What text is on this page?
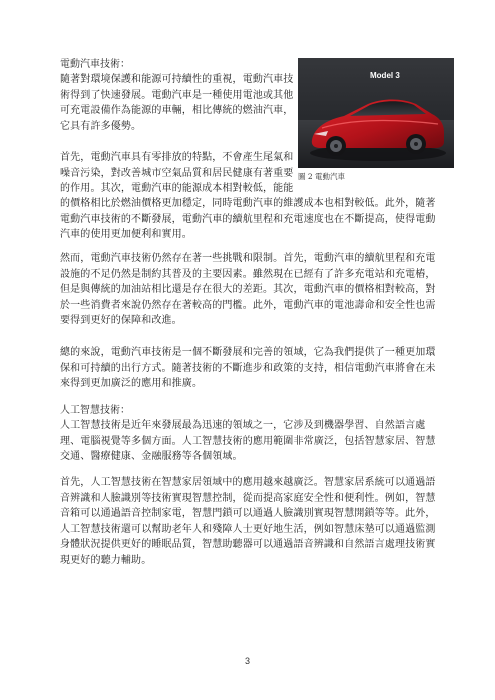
電動汽車技術：

隨著對環境保護和能源可持續性的重視，電動汽車技術得到了快速發展。電動汽車是一種使用電池或其他可充電設備作為能源的車輛，相比傳統的燃油汽車，它具有許多優勢。

首先，電動汽車具有零排放的特點，不會產生尾氣和噪音污染，對改善城市空氣品質和居民健康有著重要的作用。其次，電動汽車的能源成本相對較低，能能

的價格相比於燃油價格更加穩定，同時電動汽車的維護成本也相對較低。此外，隨著電動汽車技術的不斷發展，電動汽車的續航里程和充電速度也在不斷提高，使得電動汽車的使用更加便利和實用。

然而，電動汽車技術仍然存在著一些挑戰和限制。首先，電動汽車的續航里程和充電設施的不足仍然是制約其普及的主要因素。雖然現在已經有了許多充電站和充電樁，但是與傳統的加油站相比還是存在很大的差距。其次，電動汽車的價格相對較高，對於一些消費者來說仍然存在著較高的門檻。此外，電動汽車的電池壽命和安全性也需要得到更好的保障和改進。

總的來說，電動汽車技術是一個不斷發展和完善的領域，它為我們提供了一種更加環保和可持續的出行方式。隨著技術的不斷進步和政策的支持，相信電動汽車將會在未來得到更加廣泛的應用和推廣。

Model 3
圖 2 電動汽車

人工智慧技術：

人工智慧技術是近年來發展最為迅速的領域之一，它涉及到機器學習、自然語言處理、電腦視覺等多個方面。人工智慧技術的應用範圍非常廣泛，包括智慧家居、智慧交通、醫療健康、金融服務等各個領域。

首先，人工智慧技術在智慧家居領域中的應用越來越廣泛。智慧家居系統可以通過語音辨識和人臉識別等技術實現智慧控制，從而提高家庭安全性和便利性。例如，智慧音箱可以通過語音控制家電，智慧門鎖可以通過人臉識別實現智慧開鎖等等。此外，人工智慧技術還可以幫助老年人和殘障人士更好地生活，例如智慧床墊可以通過監測身體狀況提供更好的睡眠品質，智慧助聽器可以通過語音辨識和自然語言處理技術實現更好的聽力輔助。

3
